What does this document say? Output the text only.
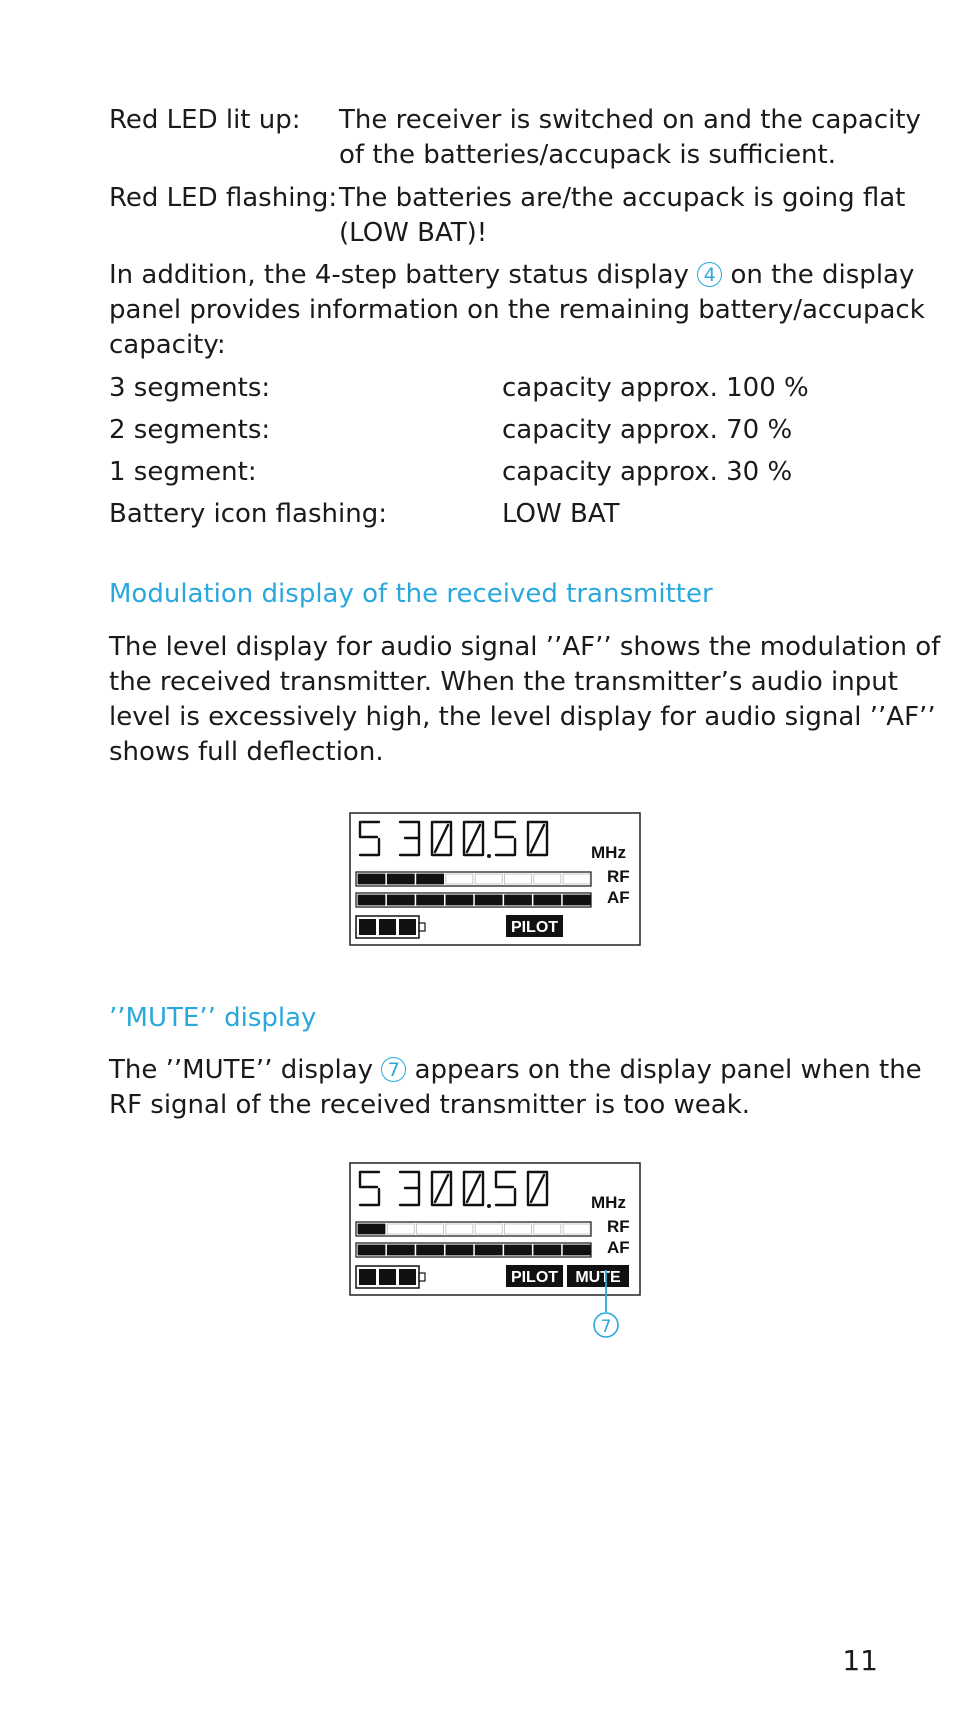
Red LED lit up: The receiver is switched on and the capacity
of the batteries/accupack is sufficient.
Red LED flashing: The batteries are/the accupack is going flat
(LOW BAT)!
In addition, the 4-step battery status display 4 on the display
panel provides information on the remaining battery/accupack
capacity:
3 segments:	capacity approx. 100 %
2 segments:	capacity approx. 70 %
1 segment:	capacity approx. 30 %
Battery icon flashing:	LOW BAT
Modulation display of the received transmitter
The level display for audio signal ’’AF’’ shows the modulation of
the received transmitter. When the transmitter’s audio input
level is excessively high, the level display for audio signal ’’AF’’
shows full deflection.
MHz
RF
AF
PILOT
’’MUTE’’ display
The ’’MUTE’’ display 7 appears on the display panel when the
RF signal of the received transmitter is too weak.
MHz
RF
AF
PILOT MUTE
7
11
